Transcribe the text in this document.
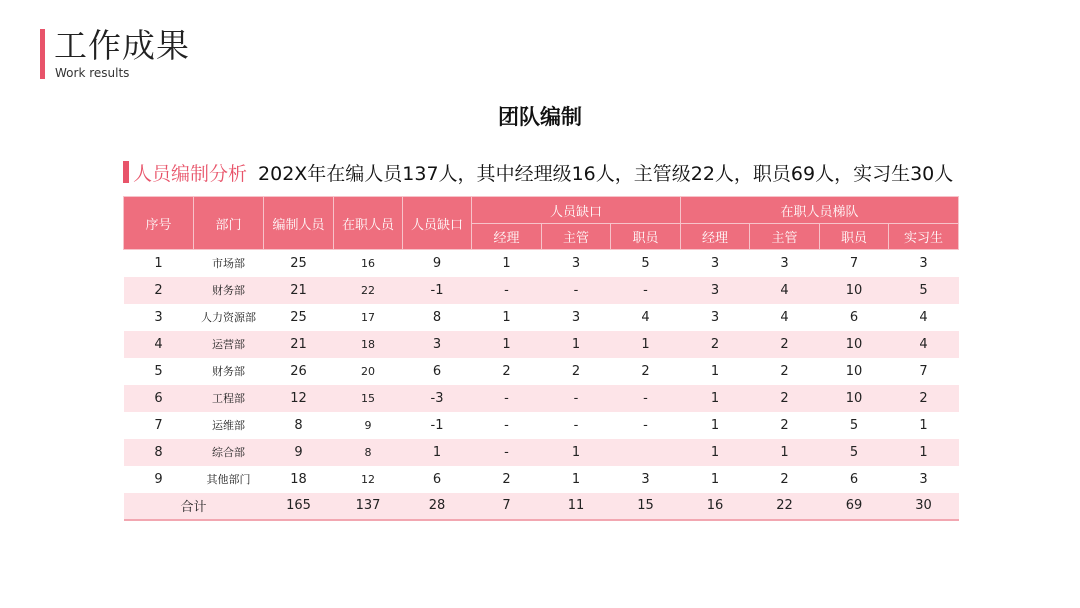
工作成果
Work results
团队编制
人员编制分析 202X年在编人员137人，其中经理级16人，主管级22人，职员69人，实习生30人
序号	部门	编制人员	在职人员	人员缺口	人员缺口			在职人员梯队			
					经理	主管	职员	经理	主管	职员	实习生
1	市场部	25	16	9	1	3	5	3	3	7	3
2	财务部	21	22	-1	-	-	-	3	4	10	5
3	人力资源部	25	17	8	1	3	4	3	4	6	4
4	运营部	21	18	3	1	1	1	2	2	10	4
5	财务部	26	20	6	2	2	2	1	2	10	7
6	工程部	12	15	-3	-	-	-	1	2	10	2
7	运维部	8	9	-1	-	-	-	1	2	5	1
8	综合部	9	8	1	-	1		1	1	5	1
9	其他部门	18	12	6	2	1	3	1	2	6	3
合计		165	137	28	7	11	15	16	22	69	30
